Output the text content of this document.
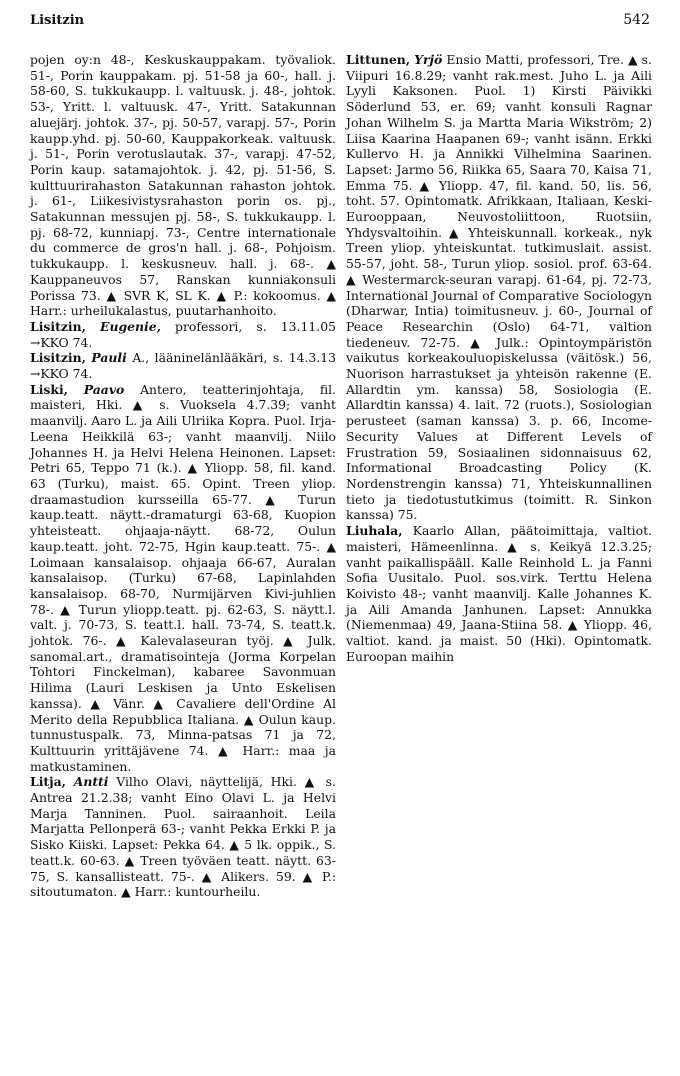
Lisitzin	542

pojen oy:n 48-, Keskuskauppakam. työvaliok. 51-, Porin kauppakam. pj. 51-58 ja 60-, hall. j. 58-60, S. tukkukaupp. l. valtuusk. j. 48-, johtok. 53-, Yritt. l. valtuusk. 47-, Yritt. Satakunnan aluejärj. johtok. 37-, pj. 50-57, varapj. 57-, Porin kaupp.yhd. pj. 50-60, Kauppakorkeak. valtuusk. j. 51-, Porin verotuslautak. 37-, varapj. 47-52, Porin kaup. satamajohtok. j. 42, pj. 51-56, S. kulttuurirahaston Satakunnan rahaston johtok. j. 61-, Liikesivistysrahaston porin os. pj., Satakunnan messujen pj. 58-, S. tukkukaupp. l. pj. 68-72, kunniapj. 73-, Centre internationale du commerce de gros'n hall. j. 68-, Pohjoism. tukkukaupp. l. keskusneuv. hall. j. 68-. ▲ Kauppaneuvos 57, Ranskan kunniakonsuli Porissa 73. ▲ SVR K, SL K. ▲ P.: kokoomus. ▲ Harr.: urheilukalastus, puutarhanhoito.

Lisitzin, Eugenie, professori, s. 13.11.05 →KKO 74.

Lisitzin, Pauli A., lääninelänlääkäri, s. 14.3.13 →KKO 74.

Liski, Paavo Antero, teatterinjohtaja, fil. maisteri, Hki. ▲ s. Vuoksela 4.7.39; vanht maanvilj. Aaro L. ja Aili Ulriika Kopra. Puol. Irja-Leena Heikkilä 63-; vanht maanvilj. Niilo Johannes H. ja Helvi Helena Heinonen. Lapset: Petri 65, Teppo 71 (k.). ▲ Yliopp. 58, fil. kand. 63 (Turku), maist. 65. Opint. Treen yliop. draamastudion kursseilla 65-77. ▲ Turun kaup.teatt. näytt.-dramaturgi 63-68, Kuopion yhteisteatt. ohjaaja-näytt. 68-72, Oulun kaup.teatt. joht. 72-75, Hgin kaup.teatt. 75-. ▲ Loimaan kansalaisop. ohjaaja 66-67, Auralan kansalaisop. (Turku) 67-68, Lapinlahden kansalaisop. 68-70, Nurmijärven Kivi-juhlien 78-. ▲ Turun yliopp.teatt. pj. 62-63, S. näytt.l. valt. j. 70-73, S. teatt.l. hall. 73-74, S. teatt.k. johtok. 76-. ▲ Kalevalaseuran työj. ▲ Julk. sanomal.art., dramatisointeja (Jorma Korpelan Tohtori Finckelman), kabaree Savonmuan Hilima (Lauri Leskisen ja Unto Eskelisen kanssa). ▲ Vänr. ▲ Cavaliere dell'Ordine Al Merito della Repubblica Italiana. ▲ Oulun kaup. tunnustuspalk. 73, Minna-patsas 71 ja 72, Kulttuurin yrittäjävene 74. ▲ Harr.: maa ja matkustaminen.

Litja, Antti Vilho Olavi, näyttelijä, Hki. ▲ s. Antrea 21.2.38; vanht Eino Olavi L. ja Helvi Marja Tanninen. Puol. sairaanhoit. Leila Marjatta Pellonperä 63-; vanht Pekka Erkki P. ja Sisko Kiiski. Lapset: Pekka 64. ▲ 5 lk. oppik., S. teatt.k. 60-63. ▲ Treen työväen teatt. näytt. 63-75, S. kansallisteatt. 75-. ▲ Alikers. 59. ▲ P.: sitoutumaton. ▲ Harr.: kuntourheilu.

Littunen, Yrjö Ensio Matti, professori, Tre. ▲ s. Viipuri 16.8.29; vanht rak.mest. Juho L. ja Aili Lyyli Kaksonen. Puol. 1) Kirsti Päivikki Söderlund 53, er. 69; vanht konsuli Ragnar Johan Wilhelm S. ja Martta Maria Wikström; 2) Liisa Kaarina Haapanen 69-; vanht isänn. Erkki Kullervo H. ja Annikki Vilhelmina Saarinen. Lapset: Jarmo 56, Riikka 65, Saara 70, Kaisa 71, Emma 75. ▲ Yliopp. 47, fil. kand. 50, lis. 56, toht. 57. Opintomatk. Afrikkaan, Italiaan, Keski-Eurooppaan, Neuvostoliittoon, Ruotsiin, Yhdysvaltoihin. ▲ Yhteiskunnall. korkeak., nyk Treen yliop. yhteiskuntat. tutkimuslait. assist. 55-57, joht. 58-, Turun yliop. sosiol. prof. 63-64. ▲ Westermarck-seuran varapj. 61-64, pj. 72-73, International Journal of Comparative Sociologyn (Dharwar, Intia) toimitusneuv. j. 60-, Journal of Peace Researchin (Oslo) 64-71, valtion tiedeneuv. 72-75. ▲ Julk.: Opintoympäristön vaikutus korkeakouluopiskelussa (väitösk.) 56, Nuorison harrastukset ja yhteisön rakenne (E. Allardtin ym. kanssa) 58, Sosiologia (E. Allardtin kanssa) 4. lait. 72 (ruots.), Sosiologian perusteet (saman kanssa) 3. p. 66, Income-Security Values at Different Levels of Frustration 59, Sosiaalinen sidonnaisuus 62, Informational Broadcasting Policy (K. Nordenstrengin kanssa) 71, Yhteiskunnallinen tieto ja tiedotustutkimus (toimitt. R. Sinkon kanssa) 75.

Liuhala, Kaarlo Allan, päätoimittaja, valtiot. maisteri, Hämeenlinna. ▲ s. Keikyä 12.3.25; vanht paikallispääll. Kalle Reinhold L. ja Fanni Sofia Uusitalo. Puol. sos.virk. Terttu Helena Koivisto 48-; vanht maanvilj. Kalle Johannes K. ja Aili Amanda Janhunen. Lapset: Annukka (Niemenmaa) 49, Jaana-Stiina 58. ▲ Yliopp. 46, valtiot. kand. ja maist. 50 (Hki). Opintomatk. Euroopan maihin
